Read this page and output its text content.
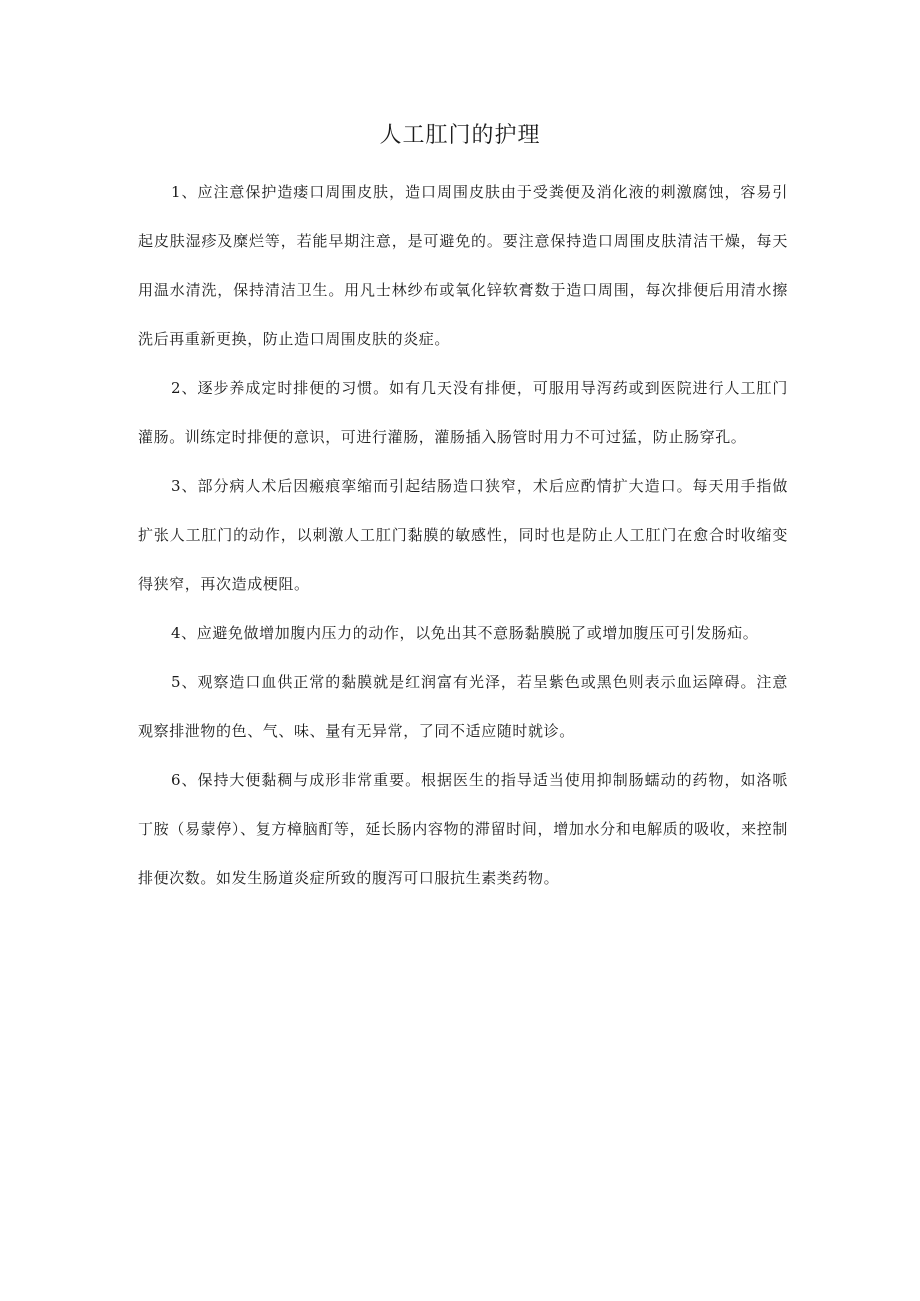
人工肛门的护理

1、应注意保护造瘘口周围皮肤，造口周围皮肤由于受粪便及消化液的刺激腐蚀，容易引起皮肤湿疹及糜烂等，若能早期注意，是可避免的。要注意保持造口周围皮肤清洁干燥，每天用温水清洗，保持清洁卫生。用凡士林纱布或氧化锌软膏数于造口周围，每次排便后用清水擦洗后再重新更换，防止造口周围皮肤的炎症。

2、逐步养成定时排便的习惯。如有几天没有排便，可服用导泻药或到医院进行人工肛门灌肠。训练定时排便的意识，可进行灌肠，灌肠插入肠管时用力不可过猛，防止肠穿孔。

3、部分病人术后因瘢痕挛缩而引起结肠造口狭窄，术后应酌情扩大造口。每天用手指做扩张人工肛门的动作，以刺激人工肛门黏膜的敏感性，同时也是防止人工肛门在愈合时收缩变得狭窄，再次造成梗阻。

4、应避免做增加腹内压力的动作，以免出其不意肠黏膜脱了或增加腹压可引发肠疝。

5、观察造口血供正常的黏膜就是红润富有光泽，若呈紫色或黑色则表示血运障碍。注意观察排泄物的色、气、味、量有无异常，了同不适应随时就诊。

6、保持大便黏稠与成形非常重要。根据医生的指导适当使用抑制肠蠕动的药物，如洛哌丁胺（易蒙停）、复方樟脑酊等，延长肠内容物的滞留时间，增加水分和电解质的吸收，来控制排便次数。如发生肠道炎症所致的腹泻可口服抗生素类药物。
